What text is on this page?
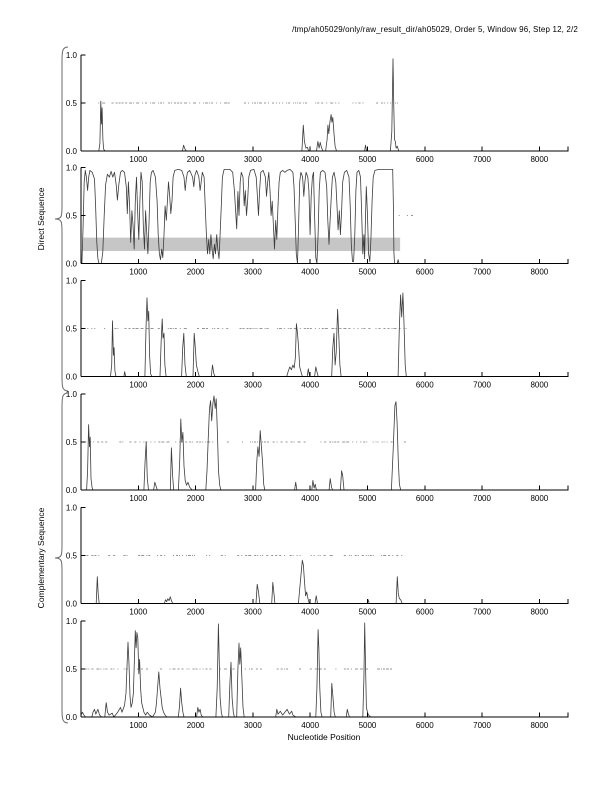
/tmp/ah05029/only/raw_result_dir/ah05029, Order 5, Window 96, Step 12, 2/2
Direct Sequence
Complementary Sequence
0.0
0.5
1.0
1000	2000	3000	4000	5000	6000	7000	8000
0.0
0.5
1.0
1000	2000	3000	4000	5000	6000	7000	8000
0.0
0.5
1.0
1000	2000	3000	4000	5000	6000	7000	8000
0.0
0.5
1.0
1000	2000	3000	4000	5000	6000	7000	8000
0.0
0.5
1.0
1000	2000	3000	4000	5000	6000	7000	8000
0.0
0.5
1.0
1000	2000	3000	4000	5000	6000	7000	8000
Nucleotide Position
